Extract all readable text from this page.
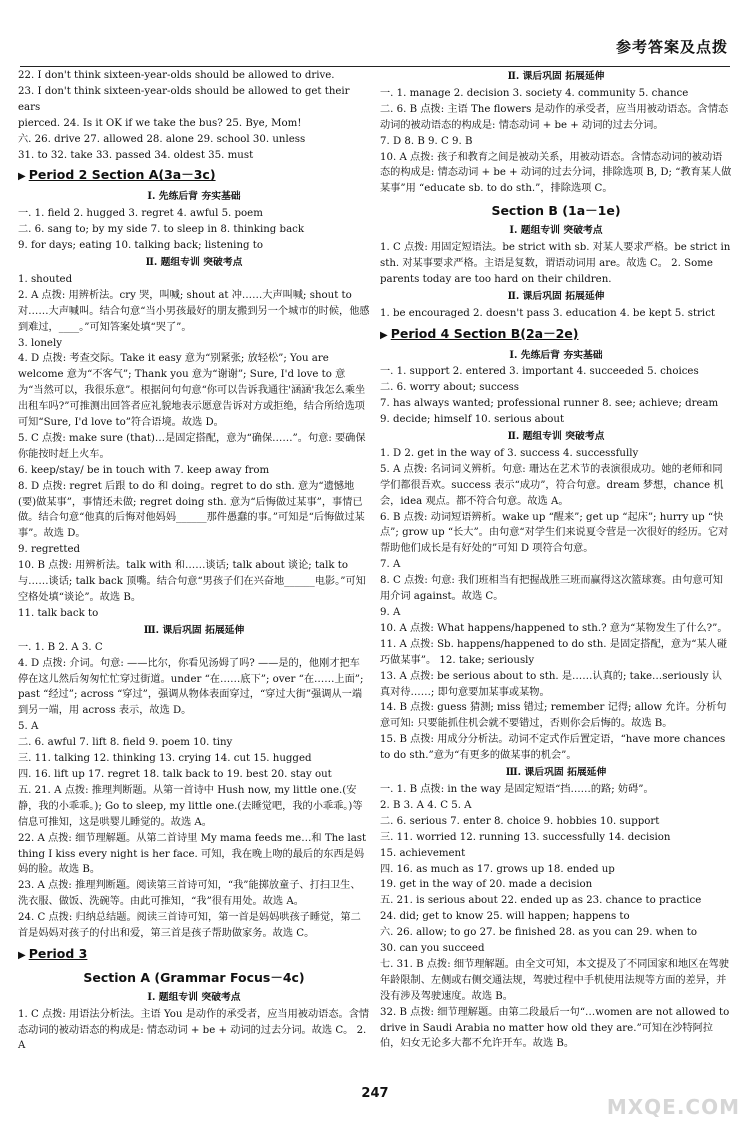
参考答案及点拨

22. I don't think sixteen-year-olds should be allowed to drive.

23. I don't think sixteen-year-olds should be allowed to get their ears

pierced. 24. Is it OK if we take the bus? 25. Bye, Mom!

六. 26. drive 27. allowed 28. alone 29. school 30. unless

31. to 32. take 33. passed 34. oldest 35. must

▶ Period 2 Section A(3a－3c)
Ⅰ. 先练后背 夯实基础

一. 1. field 2. hugged 3. regret 4. awful 5. poem

二. 6. sang to; by my side 7. to sleep in 8. thinking back

9. for days; eating 10. talking back; listening to

Ⅱ. 题组专训 突破考点

1. shouted

2. A 点拨: 用辨析法。cry 哭，叫喊; shout at 冲……大声叫喊; shout to 对……大声喊叫。结合句意“当小男孩最好的朋友搬到另一个城市的时候，他感到难过，____。”可知答案处填“哭了”。

3. lonely

4. D 点拨: 考查交际。Take it easy 意为“别紧张; 放轻松”; You are welcome 意为“不客气”; Thank you 意为“谢谢”; Sure, I'd love to 意为“当然可以，我很乐意”。根据问句句意“你可以告诉我通往'涵涵'我怎么乘坐出租车吗?”可推测出回答者应礼貌地表示愿意告诉对方或拒绝，结合所给选项可知“Sure, I'd love to”符合语境。故选 D。

5. C 点拨: make sure (that)…是固定搭配，意为“确保……”。句意: 要确保你能按时赶上火车。

6. keep/stay/ be in touch with 7. keep away from

8. D 点拨: regret 后跟 to do 和 doing。regret to do sth. 意为“遗憾地(要)做某事”，事情还未做; regret doing sth. 意为“后悔做过某事”，事情已做。结合句意“他真的后悔对他妈妈______那件愚蠢的事。”可知是“后悔做过某事”。故选 D。

9. regretted

10. B 点拨: 用辨析法。talk with 和……谈话; talk about 谈论; talk to 与……谈话; talk back 顶嘴。结合句意“男孩子们在兴奋地______电影。”可知空格处填“谈论”。故选 B。

11. talk back to

Ⅲ. 课后巩固 拓展延伸

一. 1. B 2. A 3. C

4. D 点拨: 介词。句意: ——比尔，你看见汤姆了吗? ——是的，他刚才把车停在这儿然后匆匆忙忙穿过街道。under “在……底下”; over “在……上面”; past “经过”; across “穿过”，强调从物体表面穿过，“穿过大街”强调从一端到另一端，用 across 表示，故选 D。

5. A

二. 6. awful 7. lift 8. field 9. poem 10. tiny

三. 11. talking 12. thinking 13. crying 14. cut 15. hugged

四. 16. lift up 17. regret 18. talk back to 19. best 20. stay out

五. 21. A 点拨: 推理判断题。从第一首诗中 Hush now, my little one.(安静，我的小乖乖。); Go to sleep, my little one.(去睡觉吧，我的小乖乖。)等信息可推知，这是哄婴儿睡觉的。故选 A。

22. A 点拨: 细节理解题。从第二首诗里 My mama feeds me…和 The last thing I kiss every night is her face. 可知，我在晚上吻的最后的东西是妈妈的脸。故选 B。

23. A 点拨: 推理判断题。阅读第三首诗可知，“我”能掷放童子、打扫卫生、洗衣服、做饭、洗碗等。由此可推知，“我”很有用处。故选 A。

24. C 点拨: 归纳总结题。阅读三首诗可知，第一首是妈妈哄孩子睡觉，第二首是妈妈对孩子的付出和爱，第三首是孩子帮助做家务。故选 C。

▶ Period 3
Section A (Grammar Focus－4c)
Ⅰ. 题组专训 突破考点

1. C 点拨: 用语法分析法。主语 You 是动作的承受者，应当用被动语态。含情态动词的被动语态的构成是: 情态动词 + be + 动词的过去分词。故选 C。 2. A

Ⅱ. 课后巩固 拓展延伸

一. 1. manage 2. decision 3. society 4. community 5. chance

二. 6. B 点拨: 主语 The flowers 是动作的承受者，应当用被动语态。含情态动词的被动语态的构成是: 情态动词 + be + 动词的过去分词。

7. D 8. B 9. C 9. B

10. A 点拨: 孩子和教育之间是被动关系，用被动语态。含情态动词的被动语态的构成是: 情态动词 + be + 动词的过去分词，排除选项 B, D; “教育某人做某事”用 “educate sb. to do sth.”，排除选项 C。

Section B (1a－1e)
Ⅰ. 题组专训 突破考点

1. C 点拨: 用固定短语法。be strict with sb. 对某人要求严格。be strict in sth. 对某事要求严格。主语是复数，谓语动词用 are。故选 C。 2. Some parents today are too hard on their children.

Ⅱ. 课后巩固 拓展延伸

1. be encouraged 2. doesn't pass 3. education 4. be kept 5. strict

▶ Period 4 Section B(2a－2e)
Ⅰ. 先练后背 夯实基础

一. 1. support 2. entered 3. important 4. succeeded 5. choices

二. 6. worry about; success

7. has always wanted; professional runner 8. see; achieve; dream

9. decide; himself 10. serious about

Ⅱ. 题组专训 突破考点

1. D 2. get in the way of 3. success 4. successfully

5. A 点拨: 名词词义辨析。句意: 珊达在艺术节的表演很成功。她的老师和同学们都很吾欢。success 表示“成功”，符合句意。dream 梦想，chance 机会，idea 观点。都不符合句意。故选 A。

6. B 点拨: 动词短语辨析。wake up “醒来”; get up “起床”; hurry up “快点”; grow up “长大”。由句意“对学生们来说夏令营是一次很好的经历。它对帮助他们成长是有好处的”可知 D 项符合句意。

7. A

8. C 点拨: 句意: 我们班相当有把握战胜三班而赢得这次篮球赛。由句意可知用介词 against。故选 C。

9. A

10. A 点拨: What happens/happened to sth.? 意为“某物发生了什么?”。

11. A 点拨: Sb. happens/happened to do sth. 是固定搭配，意为“某人碰巧做某事”。 12. take; seriously

13. A 点拨: be serious about to sth. 是……认真的; take…seriously 认真对待……; 即句意要加某事或某物。

14. B 点拨: guess 猜测; miss 错过; remember 记得; allow 允许。分析句意可知: 只要能抓住机会就不要错过，否则你会后悔的。故选 B。

15. B 点拨: 用成分分析法。动词不定式作后置定语，“have more chances to do sth.”意为“有更多的做某事的机会”。

Ⅲ. 课后巩固 拓展延伸

一. 1. B 点拨: in the way 是固定短语“挡……的路; 妨碍”。

2. B 3. A 4. C 5. A

二. 6. serious 7. enter 8. choice 9. hobbies 10. support

三. 11. worried 12. running 13. successfully 14. decision

15. achievement

四. 16. as much as 17. grows up 18. ended up

19. get in the way of 20. made a decision

五. 21. is serious about 22. ended up as 23. chance to practice

24. did; get to know 25. will happen; happens to

六. 26. allow; to go 27. be finished 28. as you can 29. when to

30. can you succeed

七. 31. B 点拨: 细节理解题。由全文可知，本文提及了不同国家和地区在驾驶年龄限制、左侧或右侧交通法规，驾驶过程中手机使用法规等方面的差异，并没有涉及驾驶速度。故选 B。

32. B 点拨: 细节理解题。由第二段最后一句“…women are not allowed to drive in Saudi Arabia no matter how old they are.”可知在沙特阿拉伯，妇女无论多大都不允许开车。故选 B。

247
MXQE.COM
